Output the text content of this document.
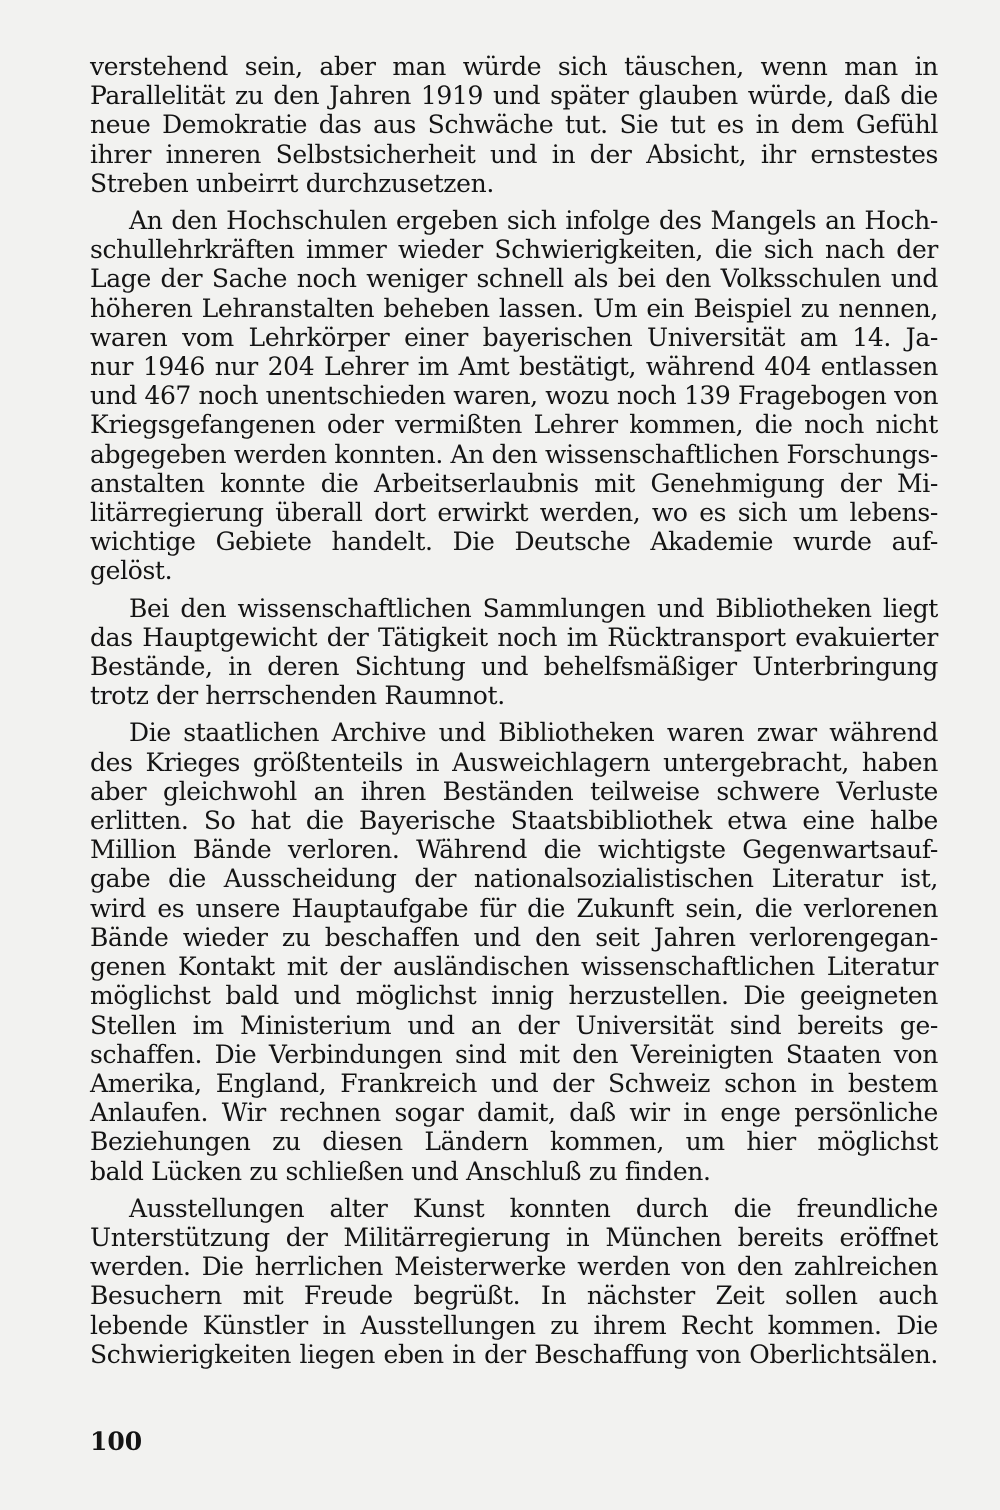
verstehend sein, aber man würde sich täuschen, wenn man in
Parallelität zu den Jahren 1919 und später glauben würde, daß die
neue Demokratie das aus Schwäche tut. Sie tut es in dem Gefühl
ihrer inneren Selbstsicherheit und in der Absicht, ihr ernstestes
Streben unbeirrt durchzusetzen.

An den Hochschulen ergeben sich infolge des Mangels an Hoch-
schullehrkräften immer wieder Schwierigkeiten, die sich nach der
Lage der Sache noch weniger schnell als bei den Volksschulen und
höheren Lehranstalten beheben lassen. Um ein Beispiel zu nennen,
waren vom Lehrkörper einer bayerischen Universität am 14. Ja-
nur 1946 nur 204 Lehrer im Amt bestätigt, während 404 entlassen
und 467 noch unentschieden waren, wozu noch 139 Fragebogen von
Kriegsgefangenen oder vermißten Lehrer kommen, die noch nicht
abgegeben werden konnten. An den wissenschaftlichen Forschungs-
anstalten konnte die Arbeitserlaubnis mit Genehmigung der Mi-
litärregierung überall dort erwirkt werden, wo es sich um lebens-
wichtige Gebiete handelt. Die Deutsche Akademie wurde auf-
gelöst.

Bei den wissenschaftlichen Sammlungen und Bibliotheken liegt
das Hauptgewicht der Tätigkeit noch im Rücktransport evakuierter
Bestände, in deren Sichtung und behelfsmäßiger Unterbringung
trotz der herrschenden Raumnot.

Die staatlichen Archive und Bibliotheken waren zwar während
des Krieges größtenteils in Ausweichlagern untergebracht, haben
aber gleichwohl an ihren Beständen teilweise schwere Verluste
erlitten. So hat die Bayerische Staatsbibliothek etwa eine halbe
Million Bände verloren. Während die wichtigste Gegenwartsauf-
gabe die Ausscheidung der nationalsozialistischen Literatur ist,
wird es unsere Hauptaufgabe für die Zukunft sein, die verlorenen
Bände wieder zu beschaffen und den seit Jahren verlorengegan-
genen Kontakt mit der ausländischen wissenschaftlichen Literatur
möglichst bald und möglichst innig herzustellen. Die geeigneten
Stellen im Ministerium und an der Universität sind bereits ge-
schaffen. Die Verbindungen sind mit den Vereinigten Staaten von
Amerika, England, Frankreich und der Schweiz schon in bestem
Anlaufen. Wir rechnen sogar damit, daß wir in enge persönliche
Beziehungen zu diesen Ländern kommen, um hier möglichst
bald Lücken zu schließen und Anschluß zu finden.

Ausstellungen alter Kunst konnten durch die freundliche
Unterstützung der Militärregierung in München bereits eröffnet
werden. Die herrlichen Meisterwerke werden von den zahlreichen
Besuchern mit Freude begrüßt. In nächster Zeit sollen auch
lebende Künstler in Ausstellungen zu ihrem Recht kommen. Die
Schwierigkeiten liegen eben in der Beschaffung von Oberlichtsälen.

100
